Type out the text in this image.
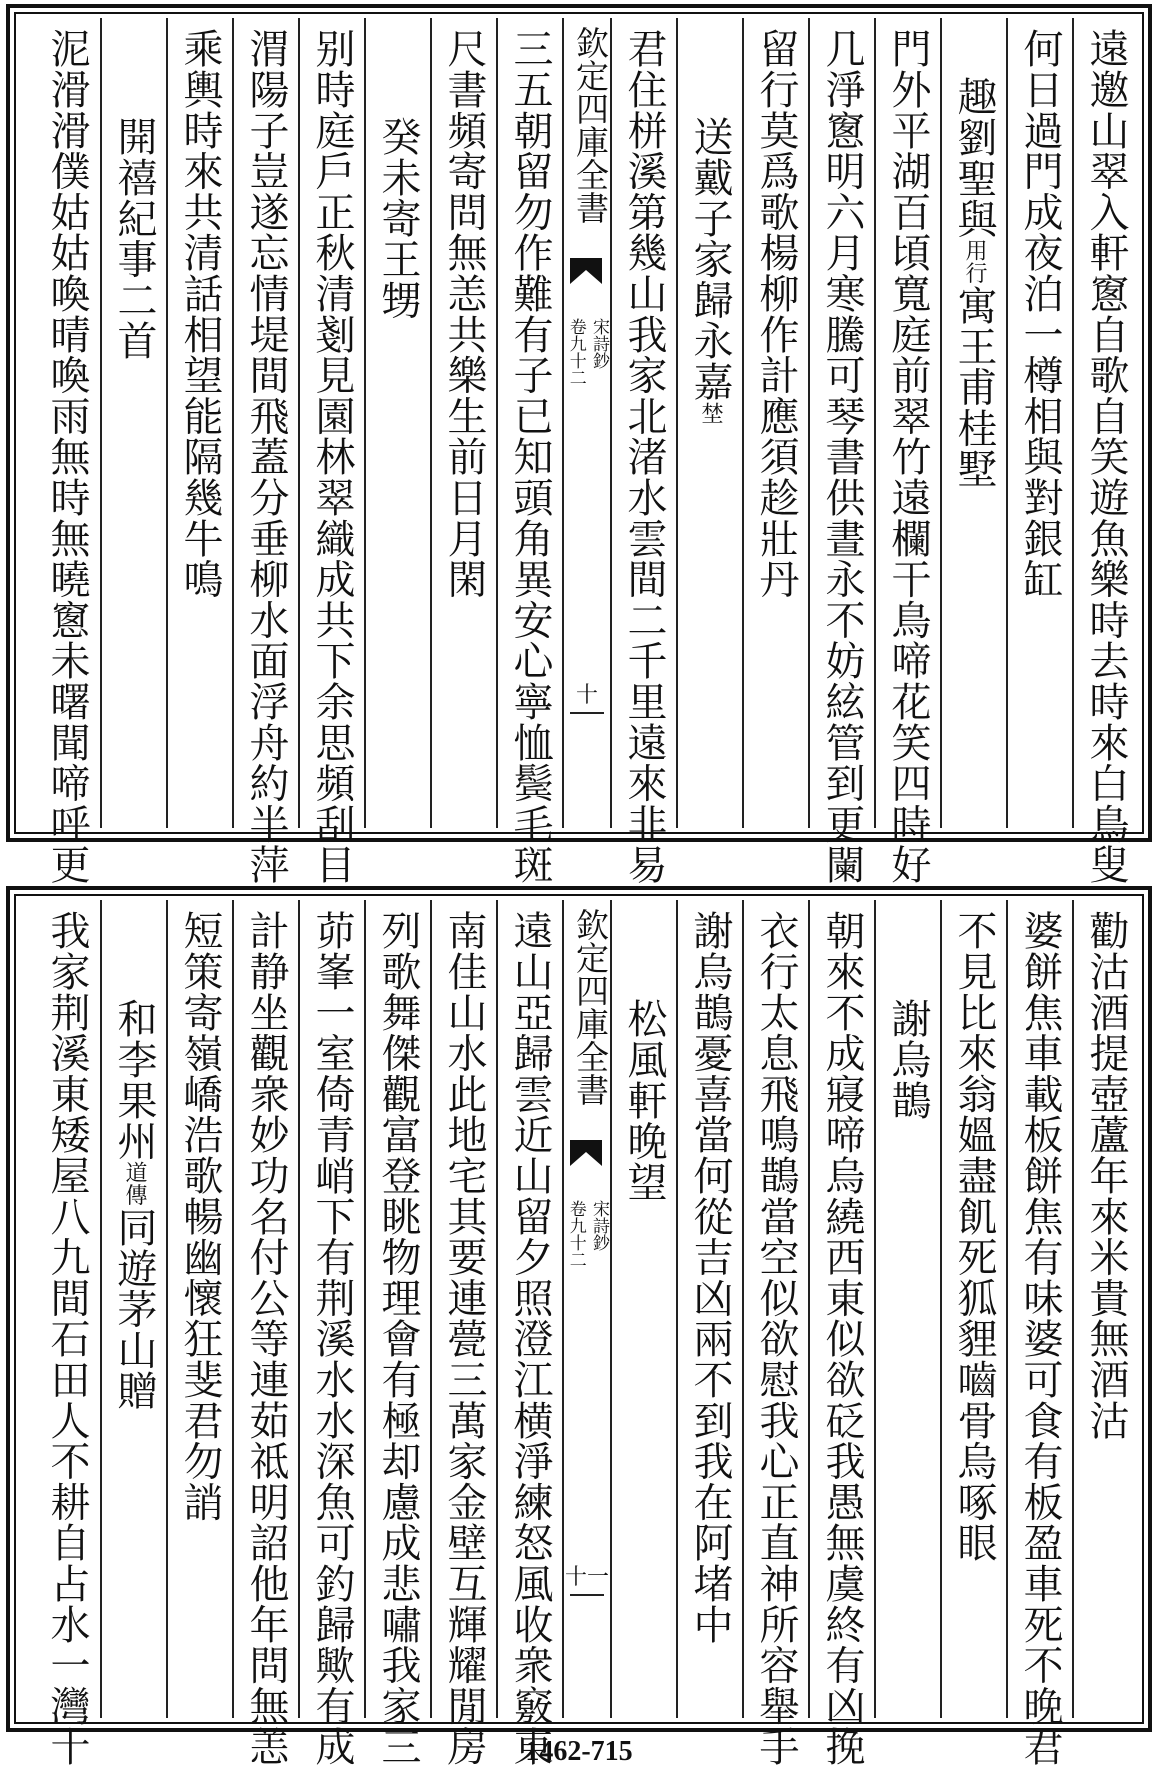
遠邀山翠入軒窻自歌自笑遊魚樂時去時來白鳥叟
何日過門成夜泊一樽相與對銀缸
趣劉聖與用行寓王甫桂墅
門外平湖百頃寬庭前翠竹遠欄干鳥啼花笑四時好
几淨窻明六月寒騰可琴書供晝永不妨絃管到更闌
留行莫爲歌楊柳作計應須趁壯丹
送戴子家歸永嘉埜
君住栟溪第幾山我家北渚水雲間二千里遠來非易
欽定四庫全書
宋詩鈔
卷九十二
十
三五朝留勿作難有子已知頭角異安心寧恤鬓毛斑
尺書頻寄問無恙共樂生前日月閑
癸未寄王甥
别時庭戶正秋清剗見園林翠織成共下余思頻刮目
渭陽子豈遂忘情堤間飛蓋分垂柳水面浮舟約半萍
乘輿時來共清話相望能隔幾牛鳴
開禧紀事二首
泥滑滑僕姑姑喚晴喚雨無時無曉窻未曙聞啼呼更
勸沽酒提壺蘆年來米貴無酒沽
婆餅焦車載板餅焦有味婆可食有板盈車死不晚君
不見比來翁媼盡飢死狐貍嚙骨烏啄眼
謝烏鵲
朝來不成寢啼烏繞西東似欲砭我愚無虞終有凶挽
衣行太息飛鳴鵲當空似欲慰我心正直神所容舉手
謝烏鵲憂喜當何從吉凶兩不到我在阿堵中
松風軒晚望
欽定四庫全書
宋詩鈔
卷九十二
十一
遠山亞歸雲近山留夕照澄江横淨練怒風收衆竅東
南佳山水此地宅其要連甍三萬家金壁互輝耀閒房
列歌舞傑觀富登眺物理會有極却慮成悲嘯我家三
茆峯一室倚青峭下有荆溪水水深魚可釣歸歟有成
計静坐觀衆妙功名付公等連茹祗明詔他年問無恙
短策寄嶺嶠浩歌暢幽懷狂斐君勿誚
和李果州道傳同遊茅山贈
我家荆溪東矮屋八九間石田人不耕自占水一灣十	1462-715
